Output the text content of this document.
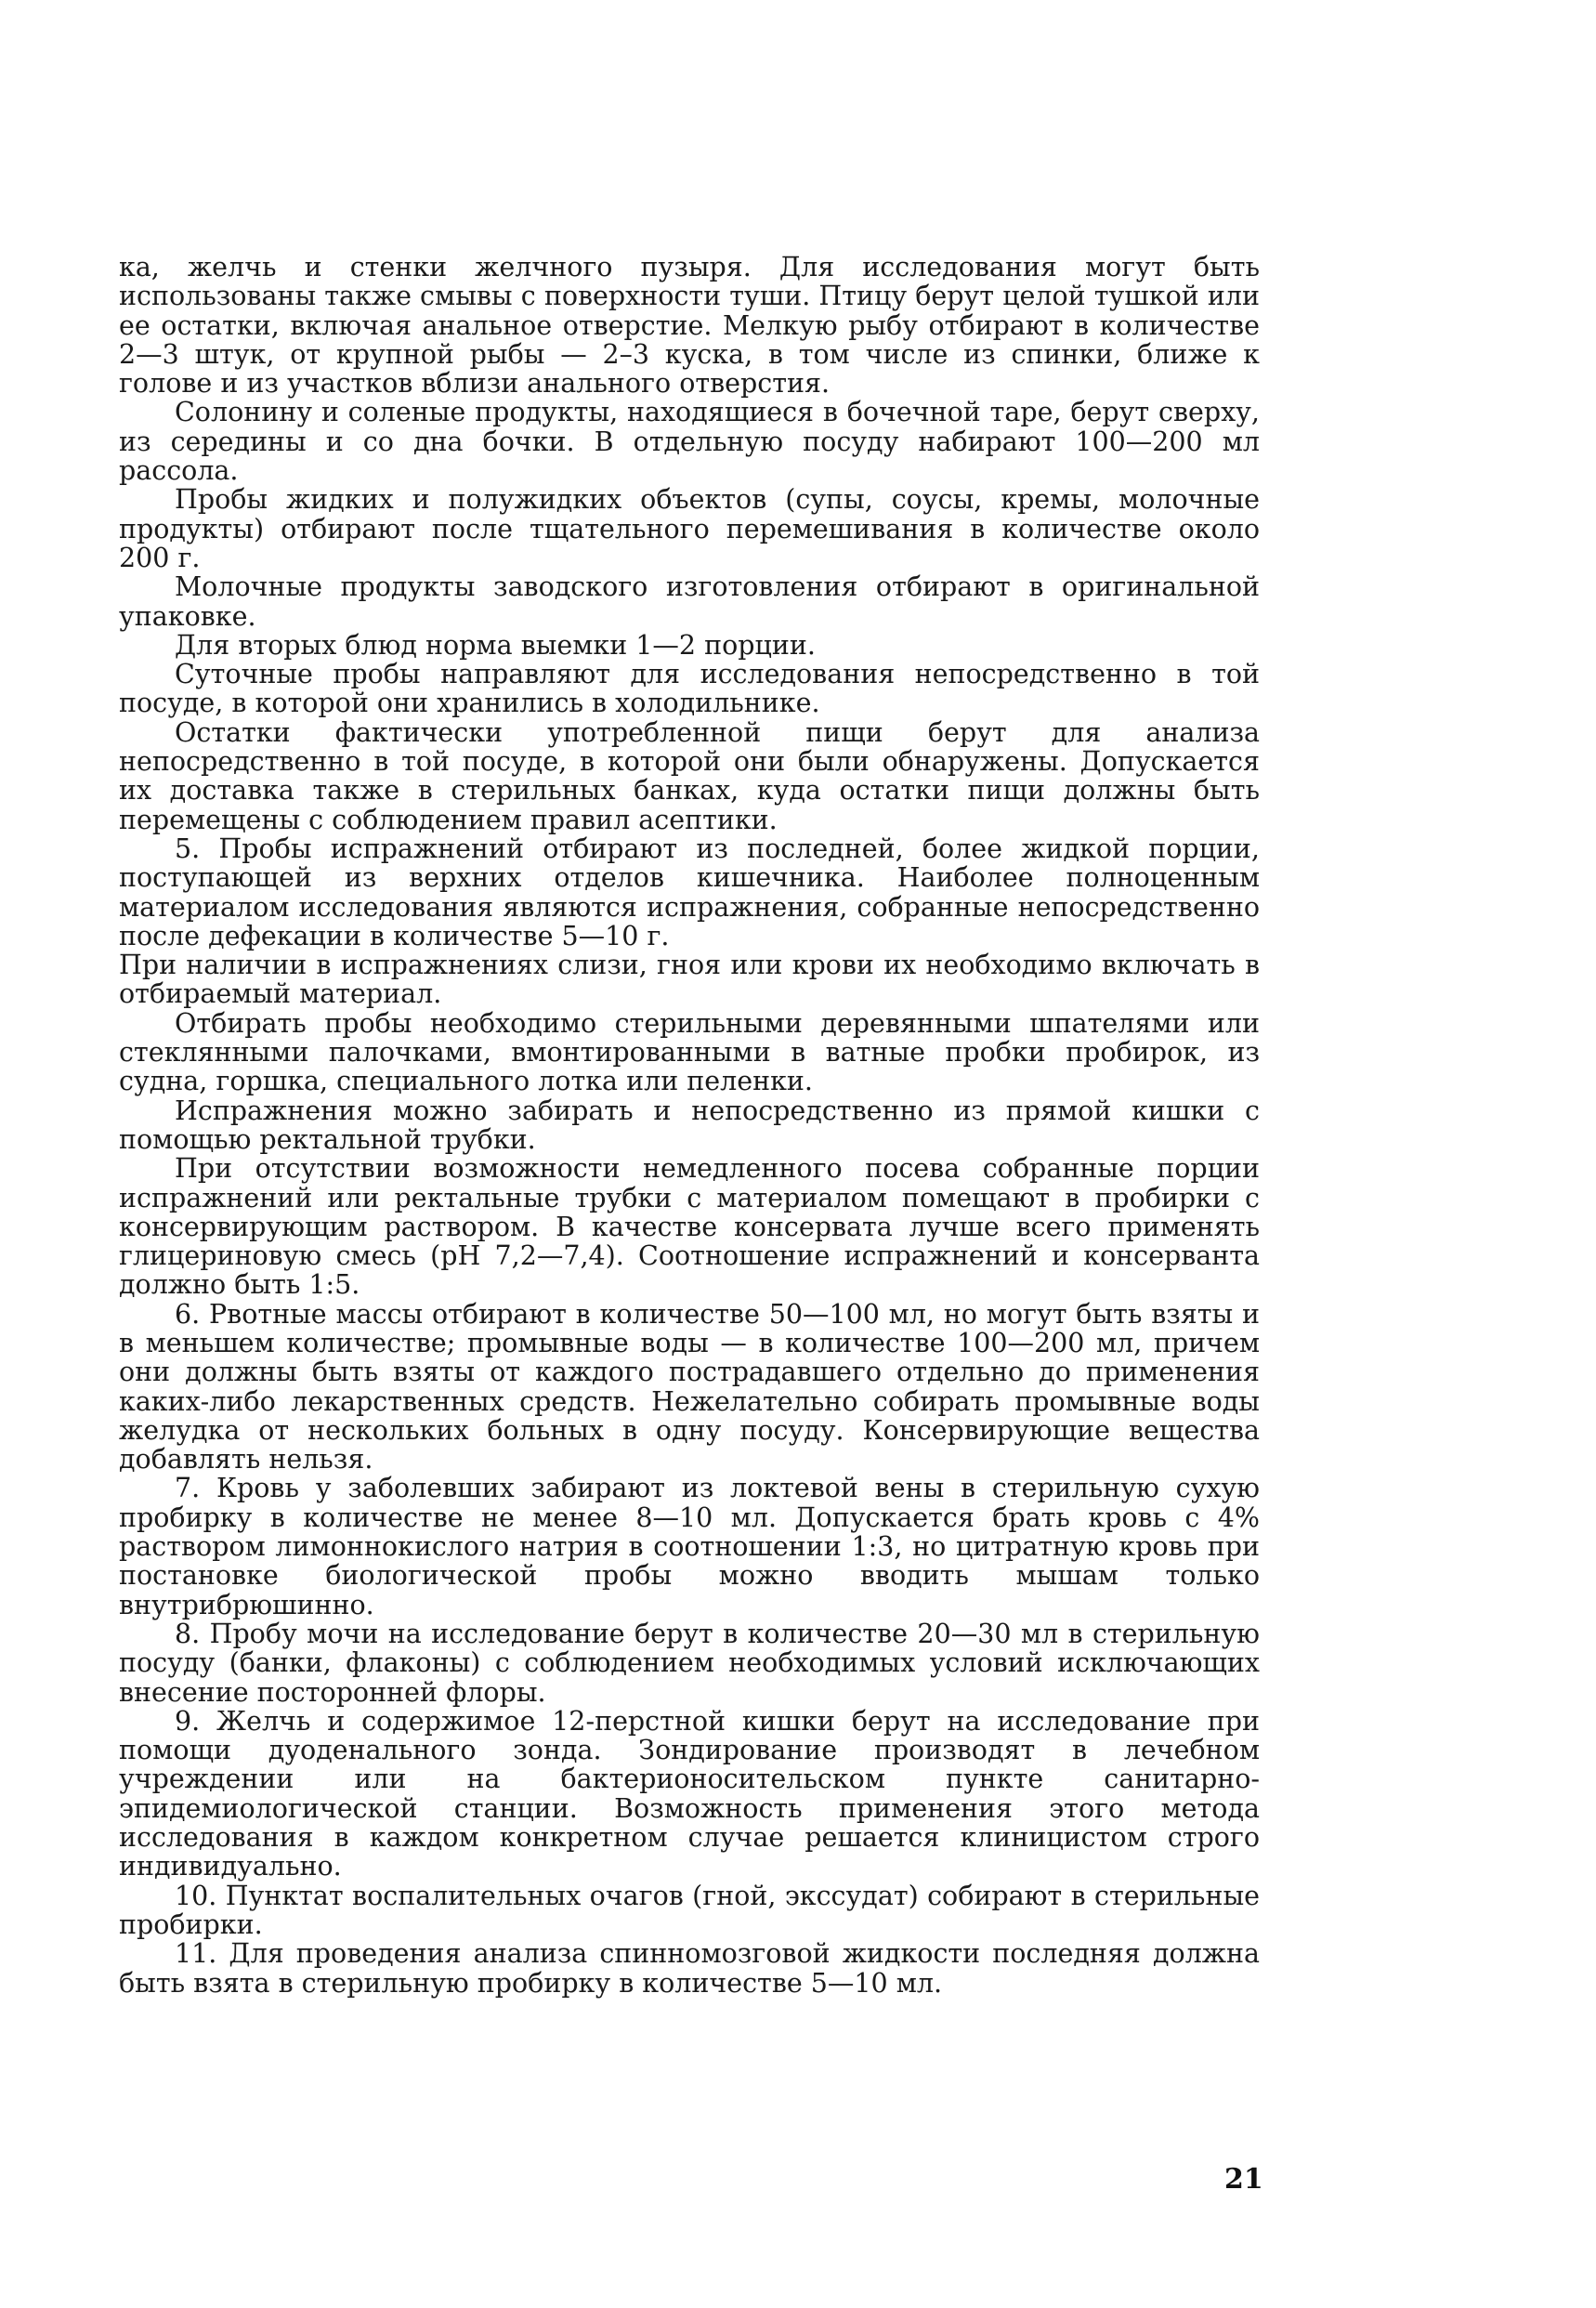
ка, желчь и стенки желчного пузыря. Для исследования могут быть использованы также смывы с поверхности туши. Птицу берут целой тушкой или ее остатки, включая анальное отверстие. Мелкую рыбу отбирают в количестве 2—3 штук, от крупной рыбы — 2–3 куска, в том числе из спинки, ближе к голове и из участков вблизи анального отверстия.

Солонину и соленые продукты, находящиеся в бочечной таре, берут сверху, из середины и со дна бочки. В отдельную посуду набирают 100—200 мл рассола.

Пробы жидких и полужидких объектов (супы, соусы, кремы, молочные продукты) отбирают после тщательного перемешивания в количестве около 200 г.

Молочные продукты заводского изготовления отбирают в оригинальной упаковке.

Для вторых блюд норма выемки 1—2 порции.

Суточные пробы направляют для исследования непосредственно в той посуде, в которой они хранились в холодильнике.

Остатки фактически употребленной пищи берут для анализа непосредственно в той посуде, в которой они были обнаружены. Допускается их доставка также в стерильных банках, куда остатки пищи должны быть перемещены с соблюдением правил асептики.

5. Пробы испражнений отбирают из последней, более жидкой порции, поступающей из верхних отделов кишечника. Наиболее полноценным материалом исследования являются испражнения, собранные непосредственно после дефекации в количестве 5—10 г.

При наличии в испражнениях слизи, гноя или крови их необходимо включать в отбираемый материал.

Отбирать пробы необходимо стерильными деревянными шпателями или стеклянными палочками, вмонтированными в ватные пробки пробирок, из судна, горшка, специального лотка или пеленки.

Испражнения можно забирать и непосредственно из прямой кишки с помощью ректальной трубки.

При отсутствии возможности немедленного посева собранные порции испражнений или ректальные трубки с материалом помещают в пробирки с консервирующим раствором. В качестве консервата лучше всего применять глицериновую смесь (pH 7,2—7,4). Соотношение испражнений и консерванта должно быть 1:5.

6. Рвотные массы отбирают в количестве 50—100 мл, но могут быть взяты и в меньшем количестве; промывные воды — в количестве 100—200 мл, причем они должны быть взяты от каждого пострадавшего отдельно до применения каких-либо лекарственных средств. Нежелательно собирать промывные воды желудка от нескольких больных в одну посуду. Консервирующие вещества добавлять нельзя.

7. Кровь у заболевших забирают из локтевой вены в стерильную сухую пробирку в количестве не менее 8—10 мл. Допускается брать кровь с 4% раствором лимоннокислого натрия в соотношении 1:3, но цитратную кровь при постановке биологической пробы можно вводить мышам только внутрибрюшинно.

8. Пробу мочи на исследование берут в количестве 20—30 мл в стерильную посуду (банки, флаконы) с соблюдением необходимых условий исключающих внесение посторонней флоры.

9. Желчь и содержимое 12-перстной кишки берут на исследование при помощи дуоденального зонда. Зондирование производят в лечебном учреждении или на бактерионосительском пункте санитарно-эпидемиологической станции. Возможность применения этого метода исследования в каждом конкретном случае решается клиницистом строго индивидуально.

10. Пунктат воспалительных очагов (гной, экссудат) собирают в стерильные пробирки.

11. Для проведения анализа спинномозговой жидкости последняя должна быть взята в стерильную пробирку в количестве 5—10 мл.

21
